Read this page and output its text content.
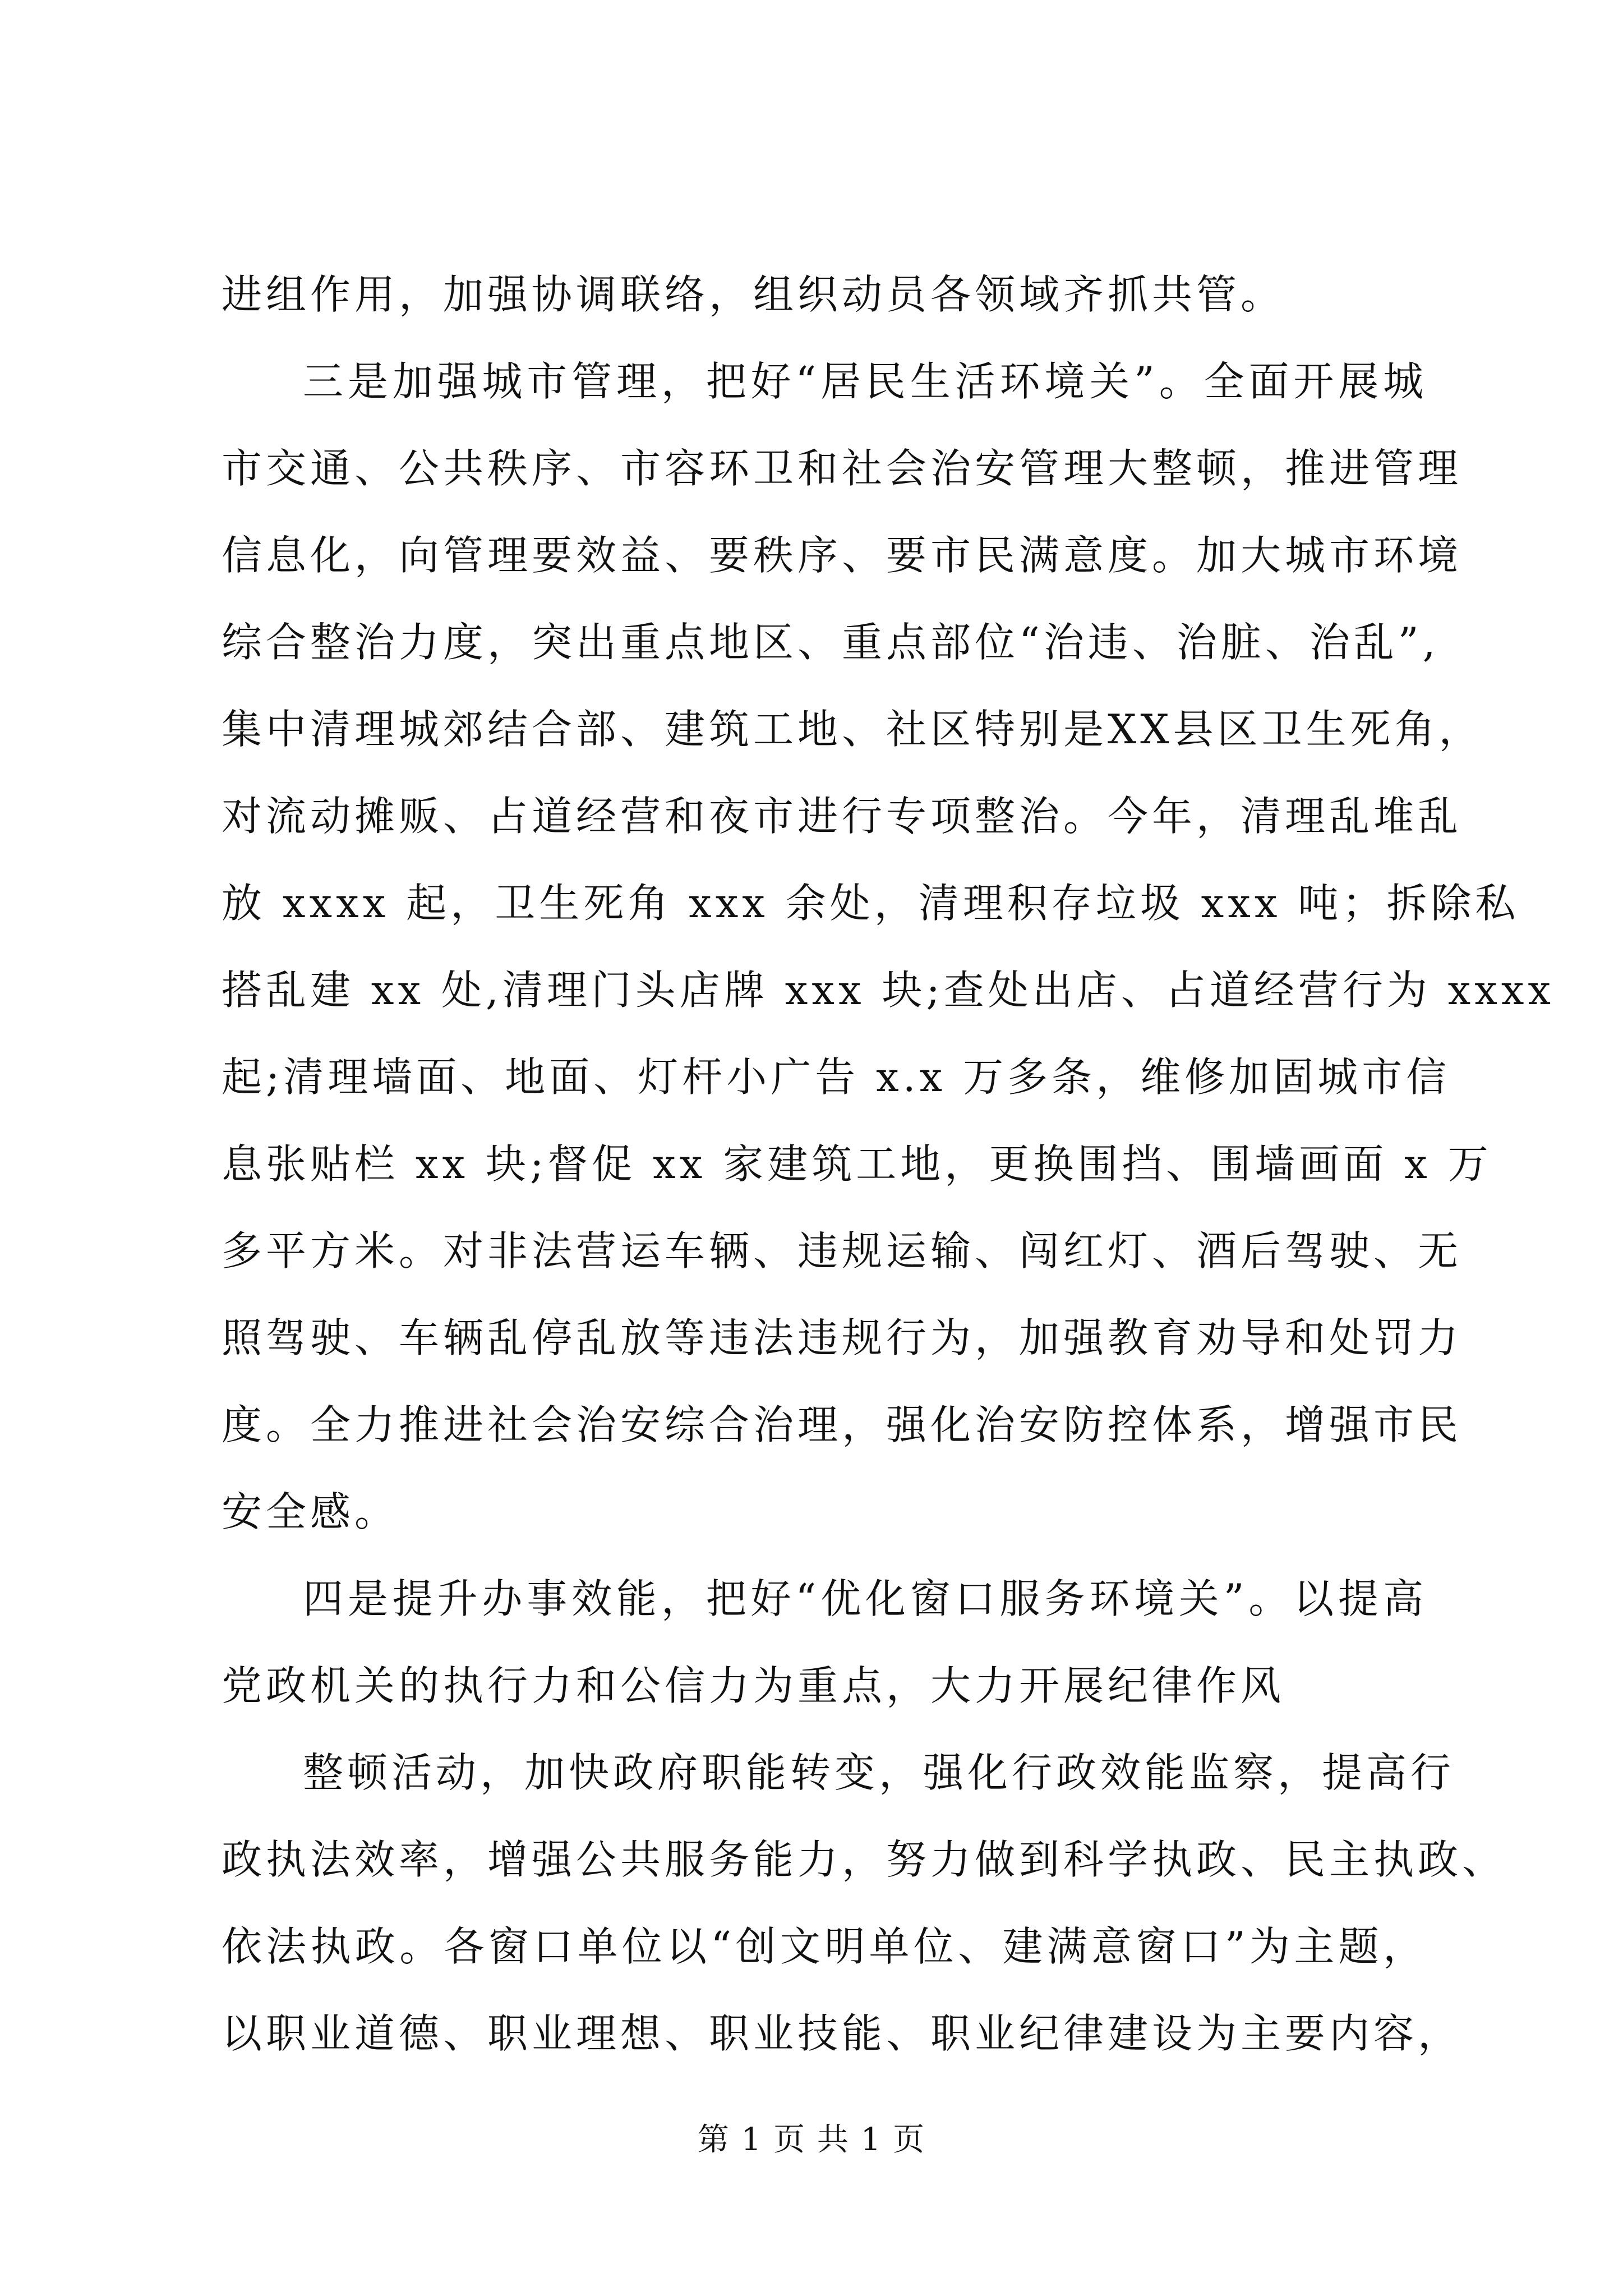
进组作用，加强协调联络，组织动员各领域齐抓共管。
三是加强城市管理，把好“居民生活环境关”。全面开展城
市交通、公共秩序、市容环卫和社会治安管理大整顿，推进管理
信息化，向管理要效益、要秩序、要市民满意度。加大城市环境
综合整治力度，突出重点地区、重点部位“治违、治脏、治乱”,
集中清理城郊结合部、建筑工地、社区特别是XX县区卫生死角，
对流动摊贩、占道经营和夜市进行专项整治。今年，清理乱堆乱
放 xxxx 起，卫生死角 xxx 余处，清理积存垃圾 xxx 吨；拆除私
搭乱建 xx 处,清理门头店牌 xxx 块;查处出店、占道经营行为 xxxx
起;清理墙面、地面、灯杆小广告 x.x 万多条，维修加固城市信
息张贴栏 xx 块;督促 xx 家建筑工地，更换围挡、围墙画面 x 万
多平方米。对非法营运车辆、违规运输、闯红灯、酒后驾驶、无
照驾驶、车辆乱停乱放等违法违规行为，加强教育劝导和处罚力
度。全力推进社会治安综合治理，强化治安防控体系，增强市民
安全感。
四是提升办事效能，把好“优化窗口服务环境关”。以提高
党政机关的执行力和公信力为重点，大力开展纪律作风
整顿活动，加快政府职能转变，强化行政效能监察，提高行
政执法效率，增强公共服务能力，努力做到科学执政、民主执政、
依法执政。各窗口单位以“创文明单位、建满意窗口”为主题，
以职业道德、职业理想、职业技能、职业纪律建设为主要内容，
第 1 页 共 1 页
